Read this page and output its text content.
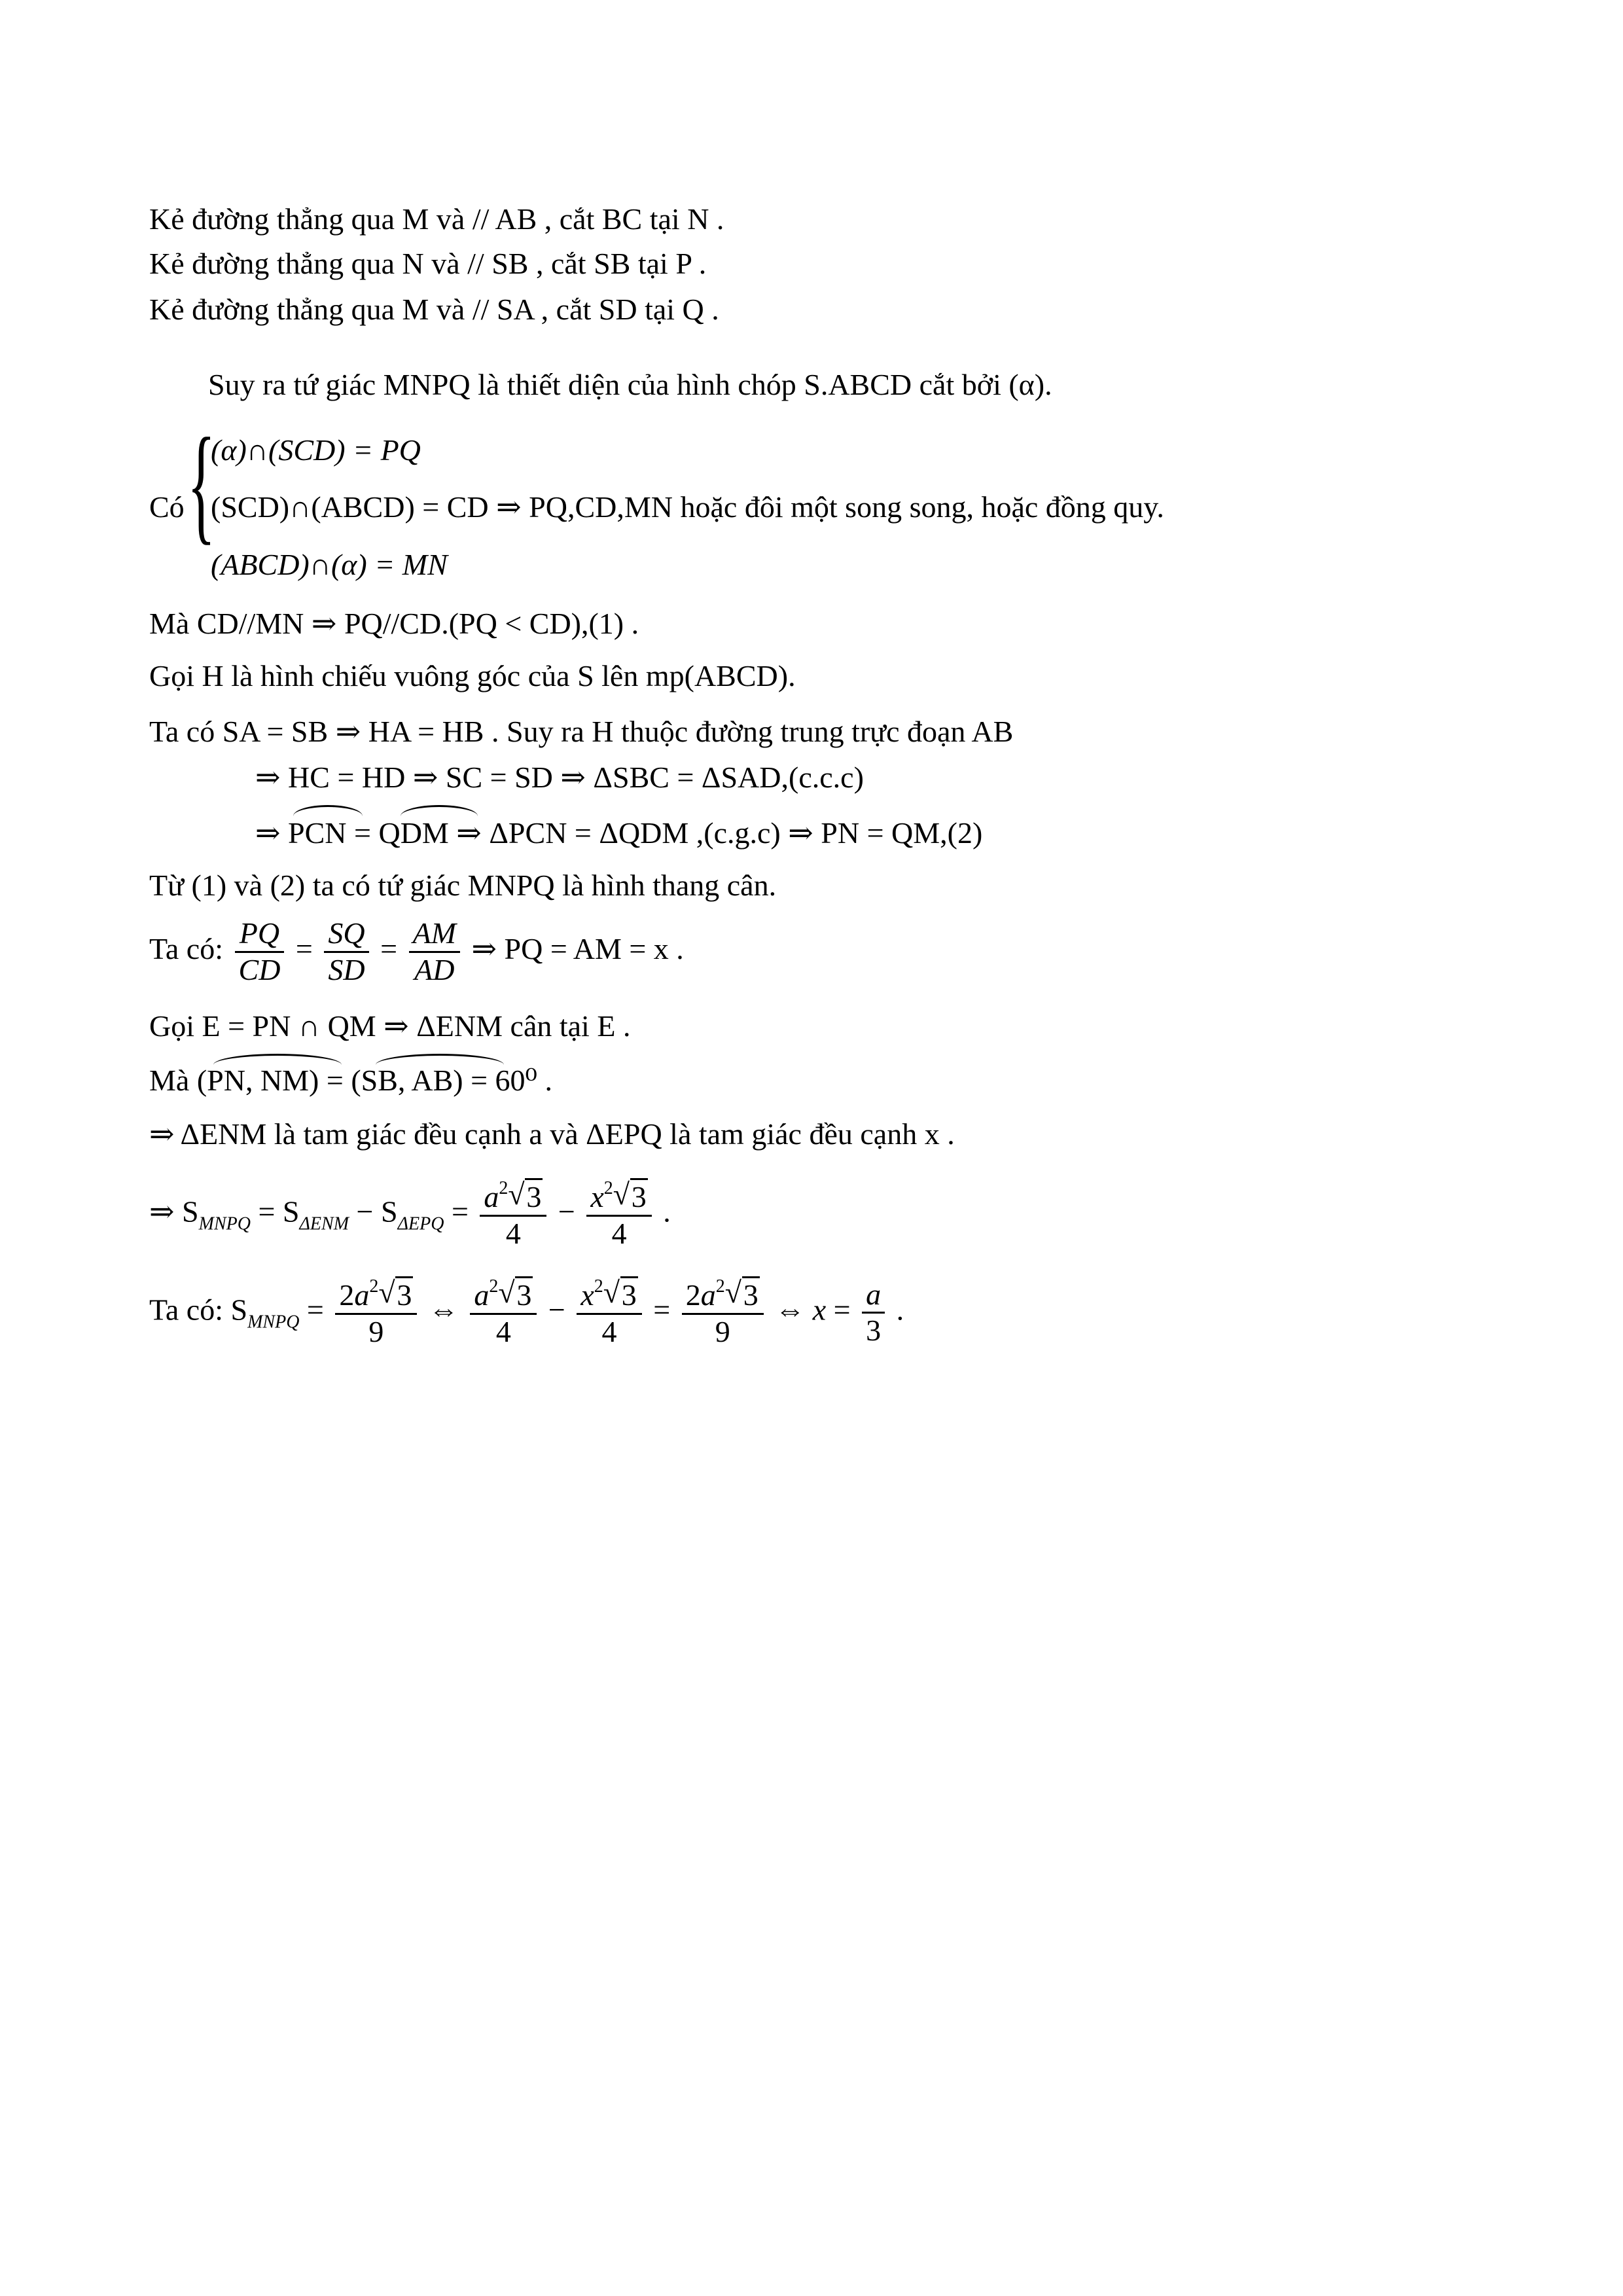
Kẻ đường thẳng qua M và // AB , cắt BC tại N .
Kẻ đường thẳng qua N và // SB , cắt SB tại P .
Kẻ đường thẳng qua M và // SA , cắt SD tại Q .
Suy ra tứ giác MNPQ là thiết diện của hình chóp S.ABCD cắt bởi (α).
Có {
(α)∩(SCD) = PQ
(SCD)∩(ABCD) = CD ⇒ PQ,CD,MN hoặc đôi một song song, hoặc đồng quy.
(ABCD)∩(α) = MN
Mà CD//MN ⇒ PQ//CD.(PQ < CD),(1) .
Gọi H là hình chiếu vuông góc của S lên mp(ABCD).
Ta có SA = SB ⇒ HA = HB . Suy ra H thuộc đường trung trực đoạn AB
⇒ HC = HD ⇒ SC = SD ⇒ ΔSBC = ΔSAD,(c.c.c)
⇒ PCN = QDM ⇒ ΔPCN = ΔQDM ,(c.g.c) ⇒ PN = QM,(2)
Từ (1) và (2) ta có tứ giác MNPQ là hình thang cân.
Ta có: $\frac{PQ}{CD} = \frac{SQ}{SD} = \frac{AM}{AD}$ ⇒ PQ = AM = x .
Gọi E = PN ∩ QM ⇒ ΔENM cân tại E .
Mà (PN, NM) = (SB, AB) = 60⁰ .
⇒ ΔENM là tam giác đều cạnh a và ΔEPQ là tam giác đều cạnh x .
⇒ $S_{MNPQ} = S_{\Delta ENM} - S_{\Delta EPQ} = \frac{a^2 √ 3}{4} - \frac{x^2 √ 3}{4}$ .
Ta có: $S_{MNPQ} = \frac{2a^2 √ 3}{9}$ ⇔ $\frac{a^2 √ 3}{4} - \frac{x^2 √ 3}{4} = \frac{2a^2 √ 3}{9}$ ⇔ $x = \frac{a}{3}$ .
